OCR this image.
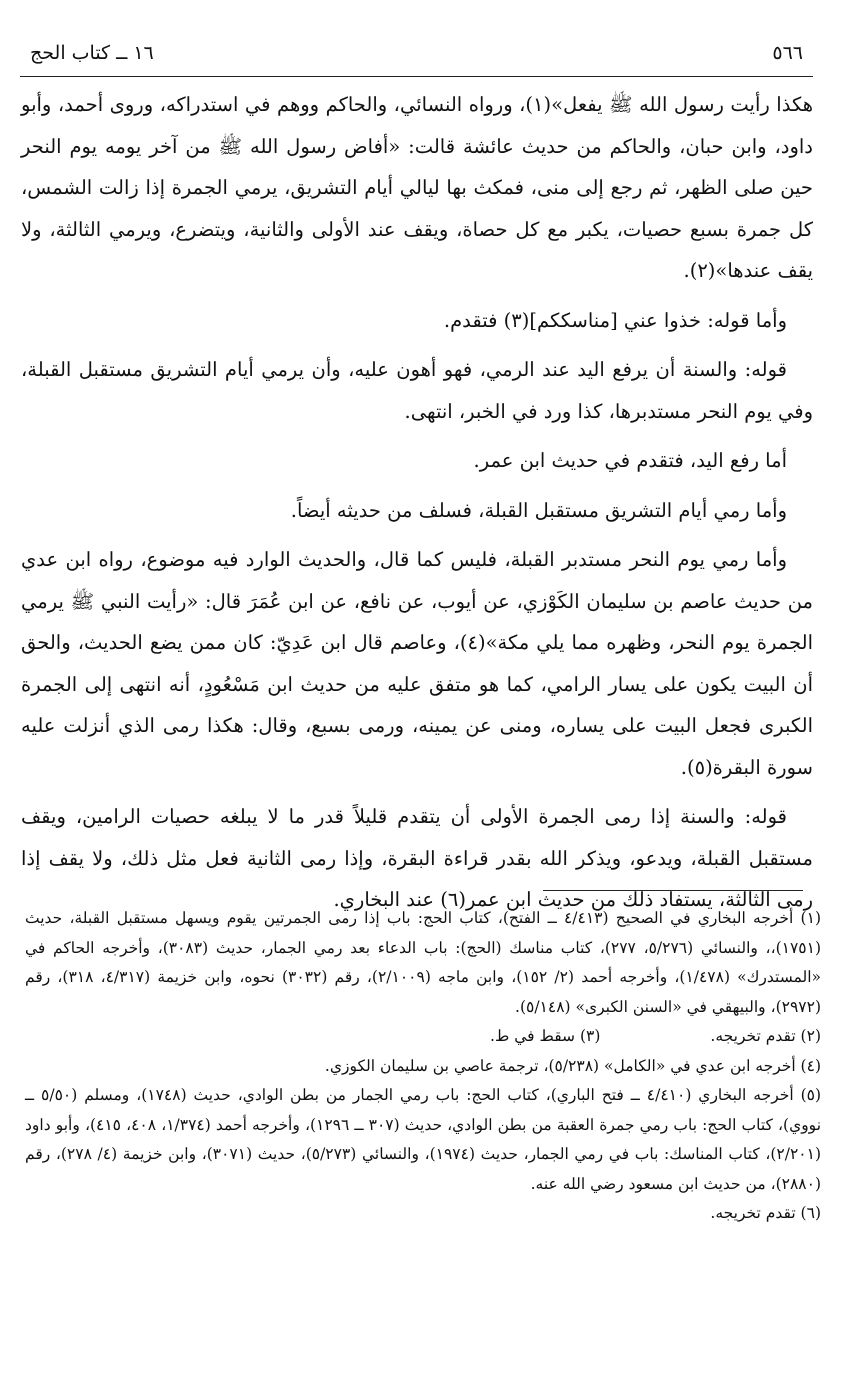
٥٦٦
١٦ ــ كتاب الحج

هكذا رأيت رسول الله ﷺ يفعل»(١)، ورواه النسائي، والحاكم ووهم في استدراكه، وروى أحمد، وأبو داود، وابن حبان، والحاكم من حديث عائشة قالت: «أفاض رسول الله ﷺ من آخر يومه يوم النحر حين صلى الظهر، ثم رجع إلى منى، فمكث بها ليالي أيام التشريق، يرمي الجمرة إذا زالت الشمس، كل جمرة بسبع حصيات، يكبر مع كل حصاة، ويقف عند الأولى والثانية، ويتضرع، ويرمي الثالثة، ولا يقف عندها»(٢).

وأما قوله: خذوا عني [مناسككم](٣) فتقدم.

قوله: والسنة أن يرفع اليد عند الرمي، فهو أهون عليه، وأن يرمي أيام التشريق مستقبل القبلة، وفي يوم النحر مستدبرها، كذا ورد في الخبر، انتهى.

أما رفع اليد، فتقدم في حديث ابن عمر.

وأما رمي أيام التشريق مستقبل القبلة، فسلف من حديثه أيضاً.

وأما رمي يوم النحر مستدبر القبلة، فليس كما قال، والحديث الوارد فيه موضوع، رواه ابن عدي من حديث عاصم بن سليمان الكَوْزي، عن أيوب، عن نافع، عن ابن عُمَرَ قال: «رأيت النبي ﷺ يرمي الجمرة يوم النحر، وظهره مما يلي مكة»(٤)، وعاصم قال ابن عَدِيّ: كان ممن يضع الحديث، والحق أن البيت يكون على يسار الرامي، كما هو متفق عليه من حديث ابن مَسْعُودٍ، أنه انتهى إلى الجمرة الكبرى فجعل البيت على يساره، ومنى عن يمينه، ورمى بسبع، وقال: هكذا رمى الذي أنزلت عليه سورة البقرة(٥).

قوله: والسنة إذا رمى الجمرة الأولى أن يتقدم قليلاً قدر ما لا يبلغه حصيات الرامين، ويقف مستقبل القبلة، ويدعو، ويذكر الله بقدر قراءة البقرة، وإذا رمى الثانية فعل مثل ذلك، ولا يقف إذا رمى الثالثة، يستفاد ذلك من حديث ابن عمر(٦) عند البخاري.

(١) أخرجه البخاري في الصحيح (٤/٤١٣ ــ الفتح)، كتاب الحج: باب إذا رمى الجمرتين يقوم ويسهل مستقبل القبلة، حديث (١٧٥١)،، والنسائي (٥/٢٧٦، ٢٧٧)، كتاب مناسك (الحج): باب الدعاء بعد رمي الجمار، حديث (٣٠٨٣)، وأخرجه الحاكم في «المستدرك» (١/٤٧٨)، وأخرجه أحمد (٢/ ١٥٢)، وابن ماجه (٢/١٠٠٩)، رقم (٣٠٣٢) نحوه، وابن خزيمة (٤/٣١٧، ٣١٨)، رقم (٢٩٧٢)، والبيهقي في «السنن الكبرى» (٥/١٤٨).

(٢) تقدم تخريجه.
(٣) سقط في ط.

(٤) أخرجه ابن عدي في «الكامل» (٥/٢٣٨)، ترجمة عاصي بن سليمان الكوزي.

(٥) أخرجه البخاري (٤/٤١٠ ــ فتح الباري)، كتاب الحج: باب رمي الجمار من بطن الوادي، حديث (١٧٤٨)، ومسلم (٥/٥٠ ــ نووي)، كتاب الحج: باب رمي جمرة العقبة من بطن الوادي، حديث (٣٠٧ ــ ١٢٩٦)، وأخرجه أحمد (١/٣٧٤، ٤٠٨، ٤١٥)، وأبو داود (٢/٢٠١)، كتاب المناسك: باب في رمي الجمار، حديث (١٩٧٤)، والنسائي (٥/٢٧٣)، حديث (٣٠٧١)، وابن خزيمة (٤/ ٢٧٨)، رقم (٢٨٨٠)، من حديث ابن مسعود رضي الله عنه.

(٦) تقدم تخريجه.
